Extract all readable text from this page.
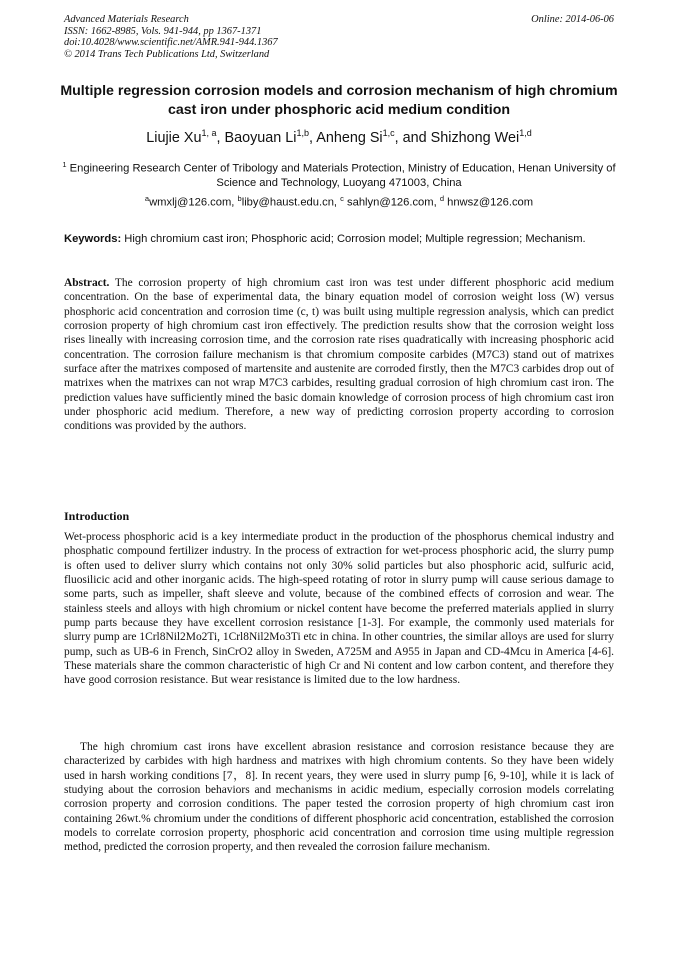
Advanced Materials Research
ISSN: 1662-8985, Vols. 941-944, pp 1367-1371
doi:10.4028/www.scientific.net/AMR.941-944.1367
© 2014 Trans Tech Publications Ltd, Switzerland
Online: 2014-06-06
Multiple regression corrosion models and corrosion mechanism of high chromium cast iron under phosphoric acid medium condition
Liujie Xu$^{1, a}$, Baoyuan Li$^{1,b}$, Anheng Si$^{1,c}$, and Shizhong Wei$^{1,d}$
$^1$ Engineering Research Center of Tribology and Materials Protection, Ministry of Education, Henan University of Science and Technology, Luoyang 471003, China
$^a$wmxlj@126.com, $^b$liby@haust.edu.cn, $^c$ sahlyn@126.com, $^d$ hnwsz@126.com
Keywords: High chromium cast iron; Phosphoric acid; Corrosion model; Multiple regression; Mechanism.
Abstract. The corrosion property of high chromium cast iron was test under different phosphoric acid medium concentration. On the base of experimental data, the binary equation model of corrosion weight loss (W) versus phosphoric acid concentration and corrosion time (c, t) was built using multiple regression analysis, which can predict corrosion property of high chromium cast iron effectively. The prediction results show that the corrosion weight loss rises lineally with increasing corrosion time, and the corrosion rate rises quadratically with increasing phosphoric acid concentration. The corrosion failure mechanism is that chromium composite carbides (M7C3) stand out of matrixes surface after the matrixes composed of martensite and austenite are corroded firstly, then the M7C3 carbides drop out of matrixes when the matrixes can not wrap M7C3 carbides, resulting gradual corrosion of high chromium cast iron. The prediction values have sufficiently mined the basic domain knowledge of corrosion process of high chromium cast iron under phosphoric acid medium. Therefore, a new way of predicting corrosion property according to corrosion conditions was provided by the authors.
Introduction
Wet-process phosphoric acid is a key intermediate product in the production of the phosphorus chemical industry and phosphatic compound fertilizer industry. In the process of extraction for wet-process phosphoric acid, the slurry pump is often used to deliver slurry which contains not only 30% solid particles but also phosphoric acid, sulfuric acid, fluosilicic acid and other inorganic acids. The high-speed rotating of rotor in slurry pump will cause serious damage to some parts, such as impeller, shaft sleeve and volute, because of the combined effects of corrosion and wear. The stainless steels and alloys with high chromium or nickel content have become the preferred materials applied in slurry pump parts because they have excellent corrosion resistance [1-3]. For example, the commonly used materials for slurry pump are 1Crl8Nil2Mo2Ti, 1Crl8Nil2Mo3Ti etc in china. In other countries, the similar alloys are used for slurry pump, such as UB-6 in French, SinCrO2 alloy in Sweden, A725M and A955 in Japan and CD-4Mcu in America [4-6]. These materials share the common characteristic of high Cr and Ni content and low carbon content, and therefore they have good corrosion resistance. But wear resistance is limited due to the low hardness.
The high chromium cast irons have excellent abrasion resistance and corrosion resistance because they are characterized by carbides with high hardness and matrixes with high chromium contents. So they have been widely used in harsh working conditions [7，8]. In recent years, they were used in slurry pump [6, 9-10], while it is lack of studying about the corrosion behaviors and mechanisms in acidic medium, especially corrosion models correlating corrosion property and corrosion conditions. The paper tested the corrosion property of high chromium cast iron containing 26wt.% chromium under the conditions of different phosphoric acid concentration, established the corrosion models to correlate corrosion property, phosphoric acid concentration and corrosion time using multiple regression method, predicted the corrosion property, and then revealed the corrosion failure mechanism.
